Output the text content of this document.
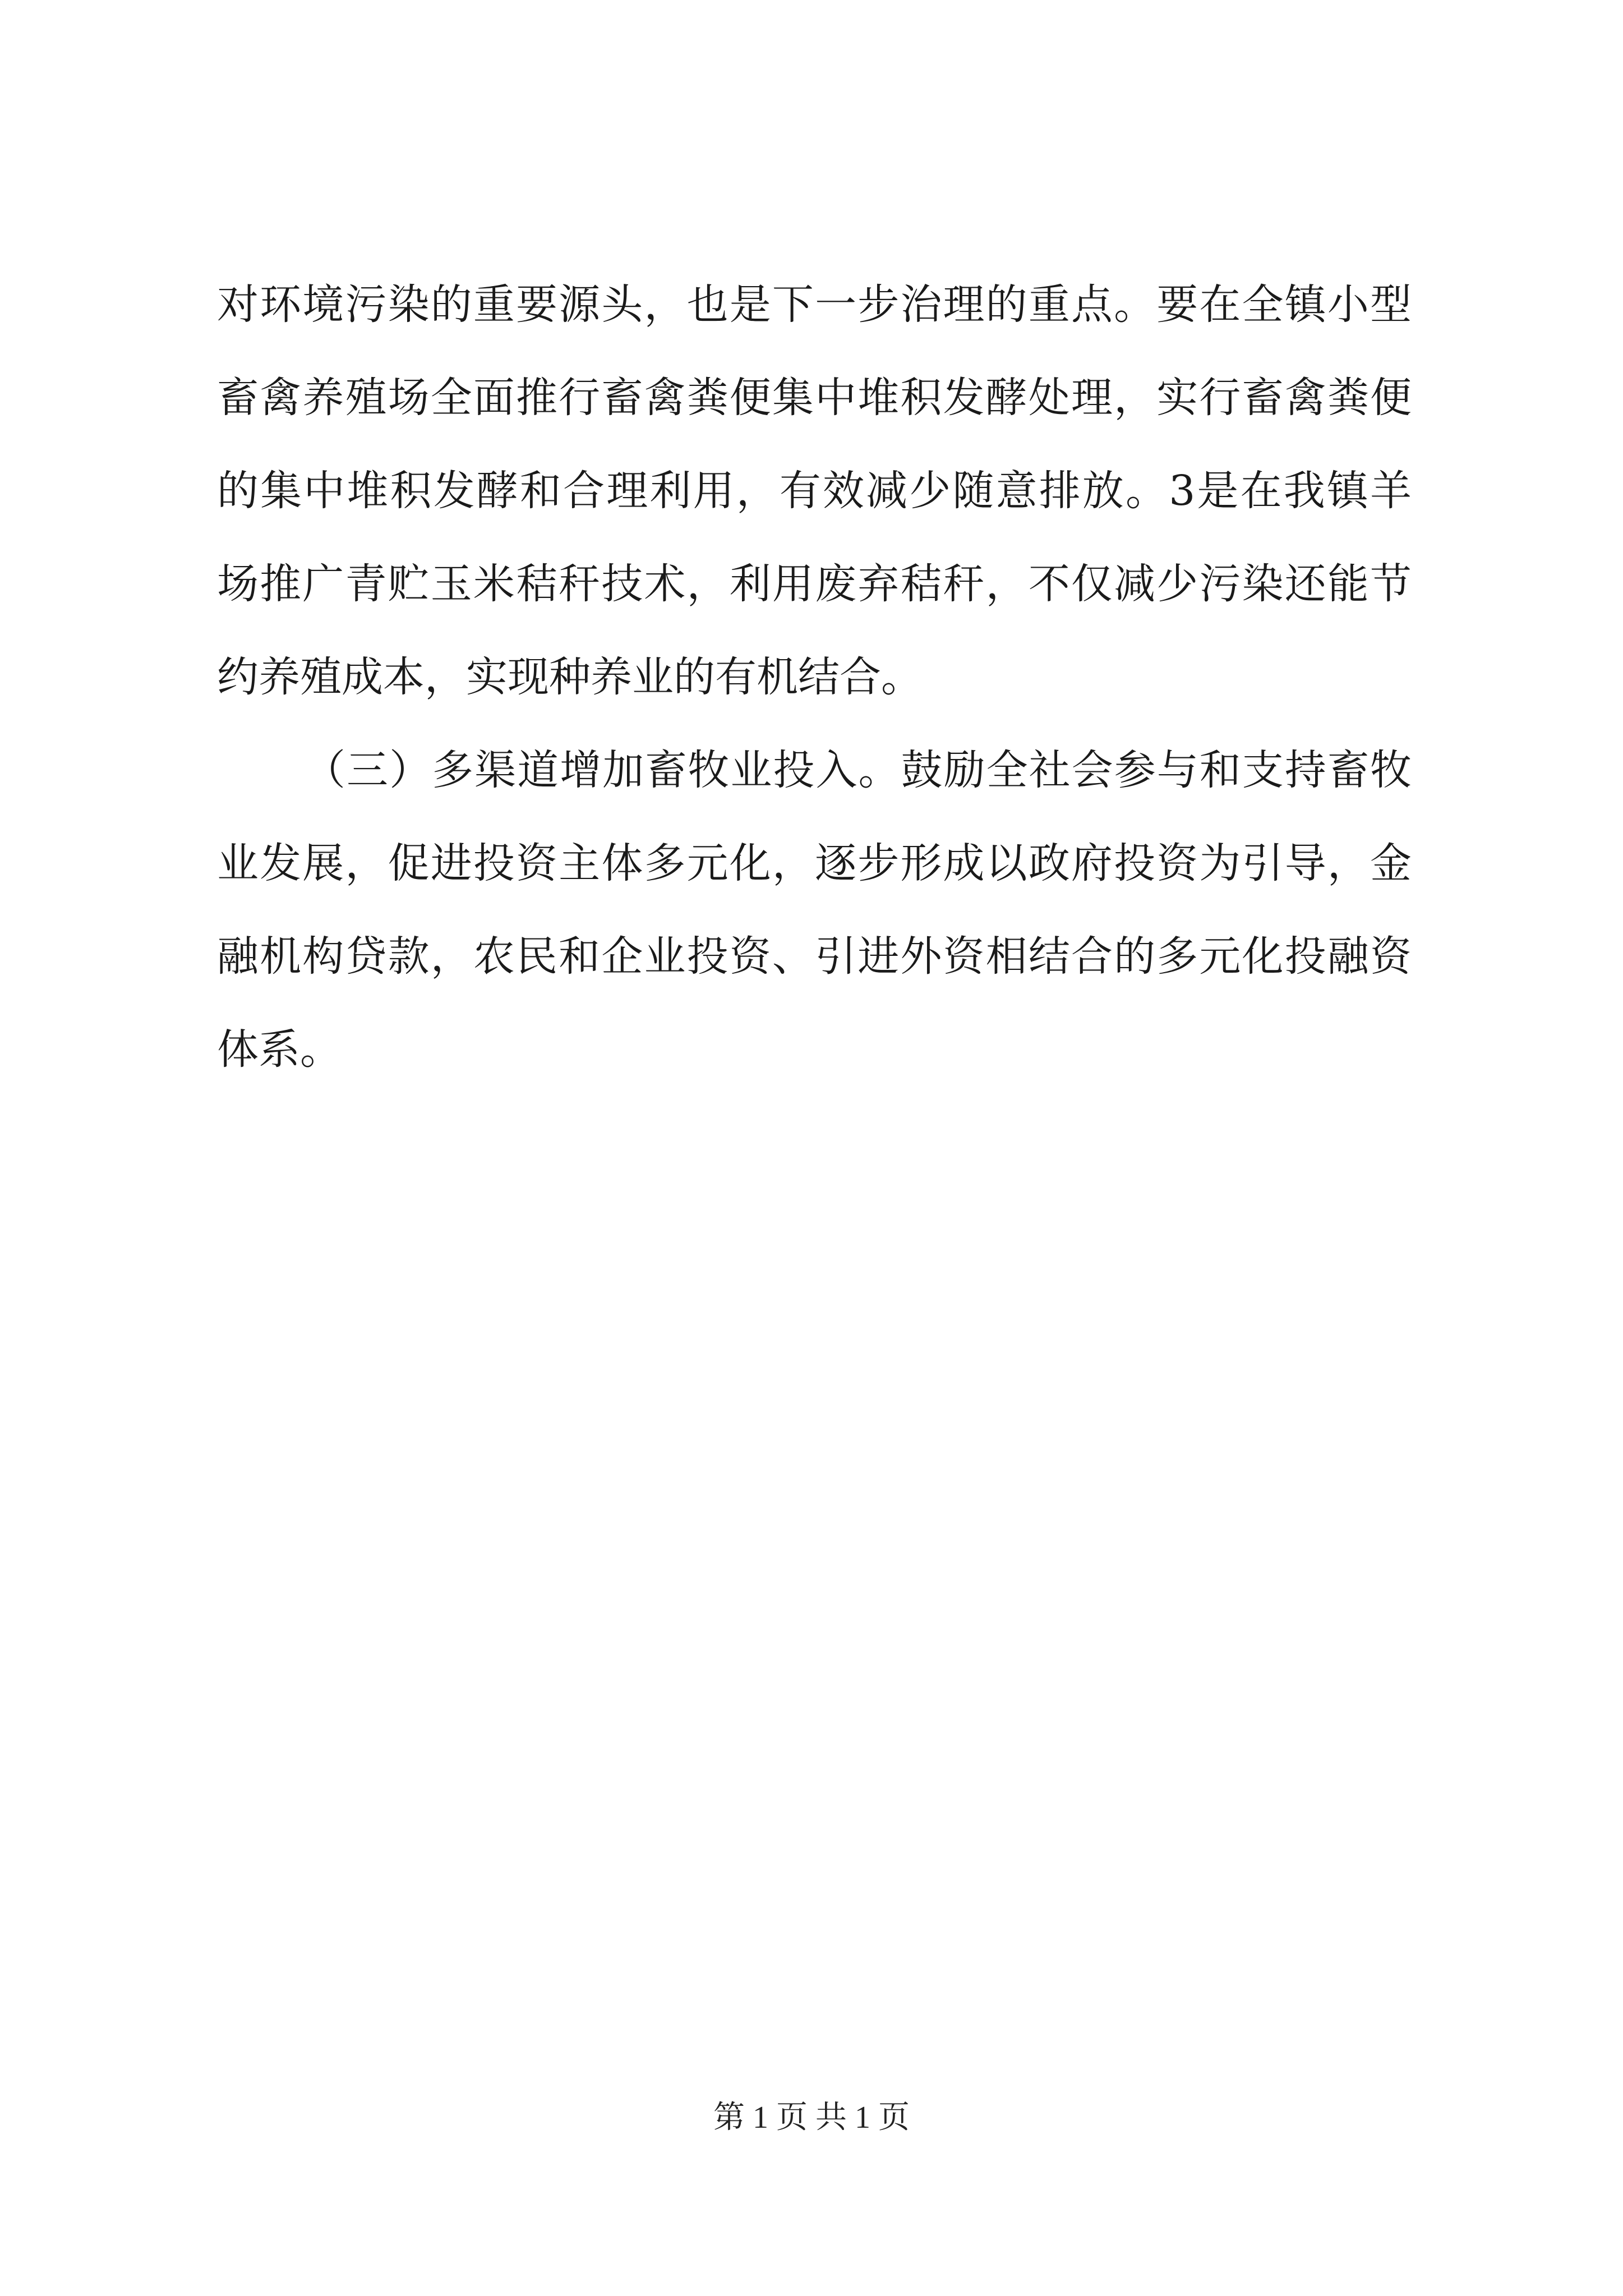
对环境污染的重要源头，也是下一步治理的重点。要在全镇小型
畜禽养殖场全面推行畜禽粪便集中堆积发酵处理，实行畜禽粪便
的集中堆积发酵和合理利用，有效减少随意排放。3是在我镇羊
场推广青贮玉米秸秆技术，利用废弃秸秆，不仅减少污染还能节
约养殖成本，实现种养业的有机结合。
（三）多渠道增加畜牧业投入。鼓励全社会参与和支持畜牧
业发展，促进投资主体多元化，逐步形成以政府投资为引导，金
融机构贷款，农民和企业投资、引进外资相结合的多元化投融资
体系。
第 1 页 共 1 页
